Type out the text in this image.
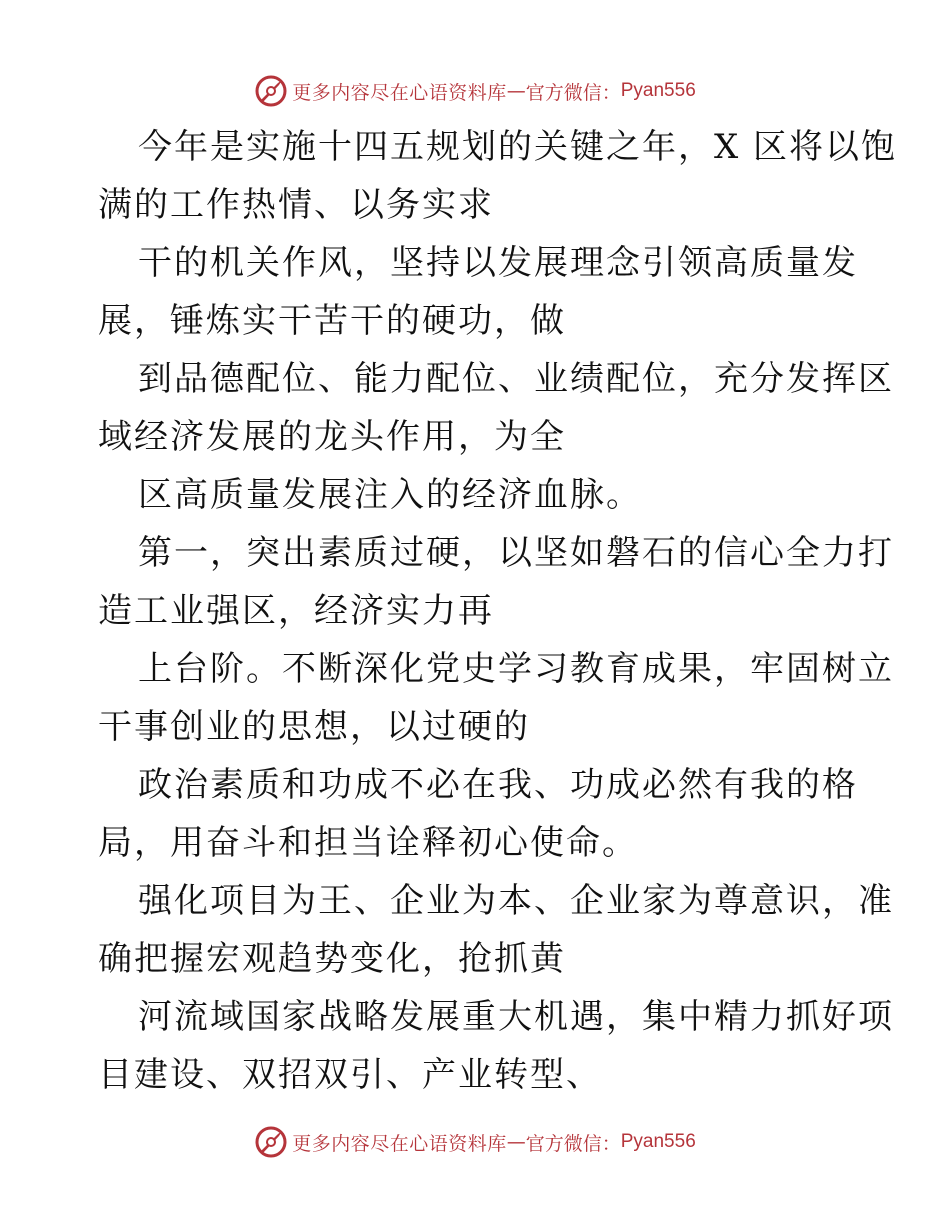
更多内容尽在心语资料库 — 官方微信： Pyan556
今年是实施十四五规划的关键之年，X 区将以饱
满的工作热情、以务实求
干的机关作风，坚持以发展理念引领高质量发
展，锤炼实干苦干的硬功，做
到品德配位、能力配位、业绩配位，充分发挥区
域经济发展的龙头作用，为全
区高质量发展注入的经济血脉。
第一，突出素质过硬，以坚如磐石的信心全力打
造工业强区，经济实力再
上台阶。不断深化党史学习教育成果，牢固树立
干事创业的思想，以过硬的
政治素质和功成不必在我、功成必然有我的格
局，用奋斗和担当诠释初心使命。
强化项目为王、企业为本、企业家为尊意识，准
确把握宏观趋势变化，抢抓黄
河流域国家战略发展重大机遇，集中精力抓好项
目建设、双招双引、产业转型、
更多内容尽在心语资料库 — 官方微信： Pyan556
